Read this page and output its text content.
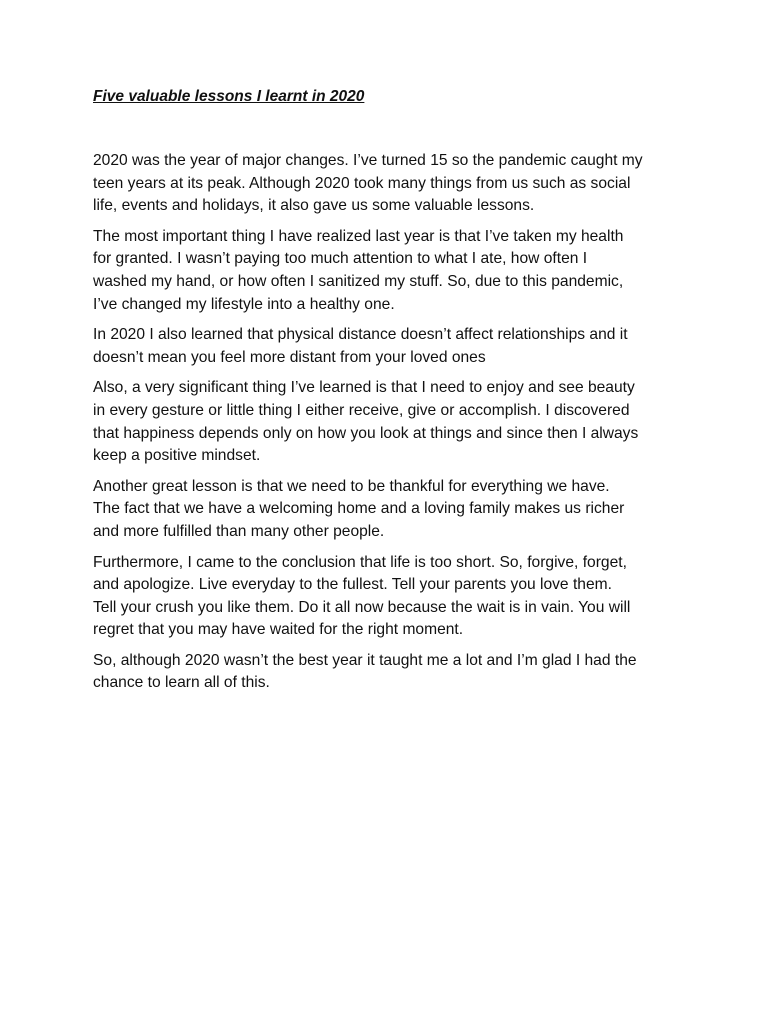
Five valuable lessons I learnt in 2020

2020 was the year of major changes. I’ve turned 15 so the pandemic caught my
teen years at its peak. Although 2020 took many things from us such as social
life, events and holidays, it also gave us some valuable lessons.

The most important thing I have realized last year is that I’ve taken my health
for granted. I wasn’t paying too much attention to what I ate, how often I
washed my hand, or how often I sanitized my stuff. So, due to this pandemic,
I’ve changed my lifestyle into a healthy one.

In 2020 I also learned that physical distance doesn’t affect relationships and it
doesn’t mean you feel more distant from your loved ones

Also, a very significant thing I’ve learned is that I need to enjoy and see beauty
in every gesture or little thing I either receive, give or accomplish. I discovered
that happiness depends only on how you look at things and since then I always
keep a positive mindset.

Another great lesson is that we need to be thankful for everything we have.
The fact that we have a welcoming home and a loving family makes us richer
and more fulfilled than many other people.

Furthermore, I came to the conclusion that life is too short. So, forgive, forget,
and apologize. Live everyday to the fullest. Tell your parents you love them.
Tell your crush you like them. Do it all now because the wait is in vain. You will
regret that you may have waited for the right moment.

So, although 2020 wasn’t the best year it taught me a lot and I’m glad I had the
chance to learn all of this.
